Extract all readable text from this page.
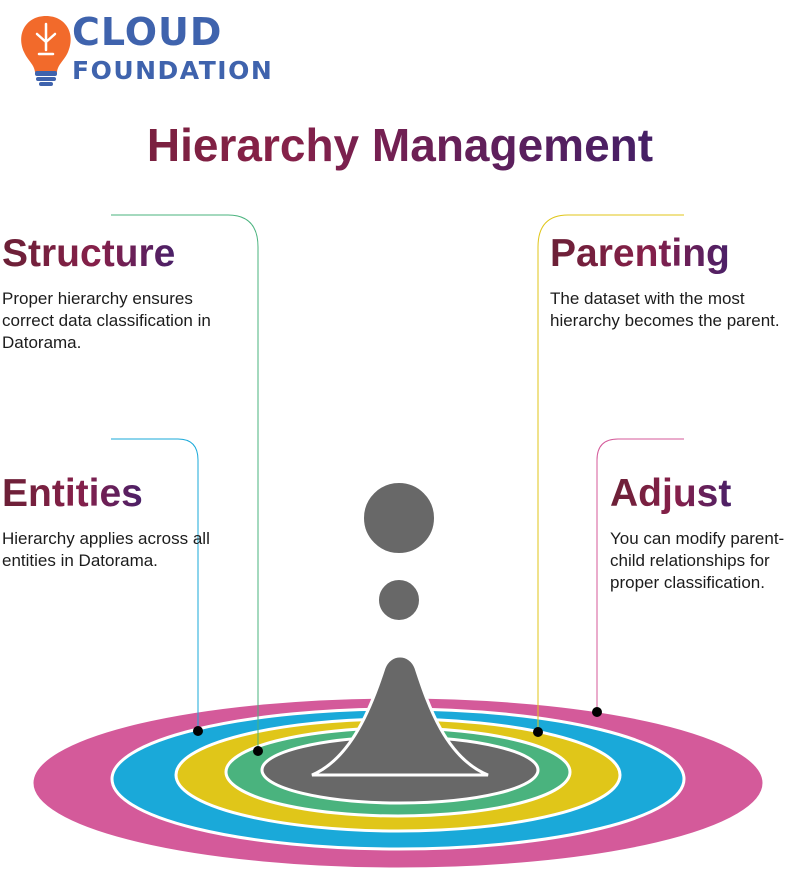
CLOUD
FOUNDATION
Hierarchy Management
Structure
Proper hierarchy ensures correct data classification in Datorama.
Entities
Hierarchy applies across all entities in Datorama.
Parenting
The dataset with the most hierarchy becomes the parent.
Adjust
You can modify parent-child relationships for proper classification.
